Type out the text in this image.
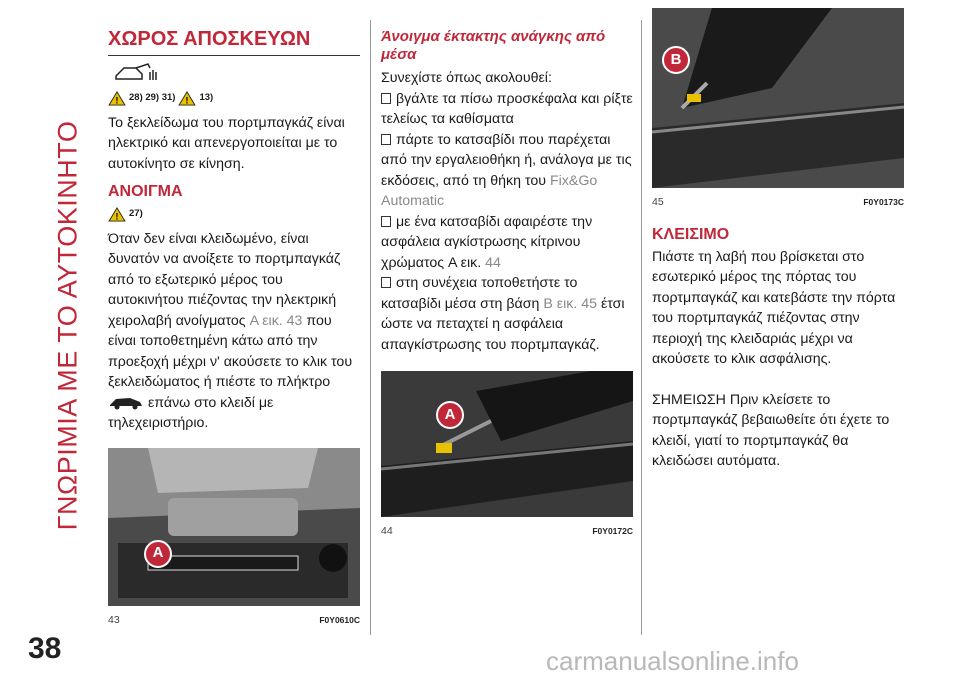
ΓΝΩΡΙΜΙΑ ΜΕ ΤΟ ΑΥΤΟΚΙΝΗΤΟ
ΧΩΡΟΣ ΑΠΟΣΚΕΥΩΝ
! 28) 29) 31) ! 13)

Το ξεκλείδωμα του πορτμπαγκάζ είναι ηλεκτρικό και απενεργοποιείται με το αυτοκίνητο σε κίνηση.

ΑΝΟΙΓΜΑ
! 27)

Όταν δεν είναι κλειδωμένο, είναι δυνατόν να ανοίξετε το πορτμπαγκάζ από το εξωτερικό μέρος του αυτοκινήτου πιέζοντας την ηλεκτρική χειρολαβή ανοίγματος A εικ. 43 που είναι τοποθετημένη κάτω από την προεξοχή μέχρι ν' ακούσετε το κλικ του ξεκλειδώματος ή πιέστε το πλήκτρο  επάνω στο κλειδί με τηλεχειριστήριο.

A
43	F0Y0610C
Άνοιγμα έκτακτης ανάγκης από μέσα

Συνεχίστε όπως ακολουθεί:

βγάλτε τα πίσω προσκέφαλα και ρίξτε τελείως τα καθίσματα

πάρτε το κατσαβίδι που παρέχεται από την εργαλειοθήκη ή, ανάλογα με τις εκδόσεις, από τη θήκη του Fix&Go Automatic

με ένα κατσαβίδι αφαιρέστε την ασφάλεια αγκίστρωσης κίτρινου χρώματος A εικ. 44

στη συνέχεια τοποθετήστε το κατσαβίδι μέσα στη βάση B εικ. 45 έτσι ώστε να πεταχτεί η ασφάλεια απαγκίστρωσης του πορτμπαγκάζ.

A
44	F0Y0172C
B
45	F0Y0173C
ΚΛΕΙΣΙΜΟ

Πιάστε τη λαβή που βρίσκεται στο εσωτερικό μέρος της πόρτας του πορτμπαγκάζ και κατεβάστε την πόρτα του πορτμπαγκάζ πιέζοντας στην περιοχή της κλειδαριάς μέχρι να ακούσετε το κλικ ασφάλισης.

ΣΗΜΕΙΩΣΗ Πριν κλείσετε το πορτμπαγκάζ βεβαιωθείτε ότι έχετε το κλειδί, γιατί το πορτμπαγκάζ θα κλειδώσει αυτόματα.

38	carmanualsonline.info
